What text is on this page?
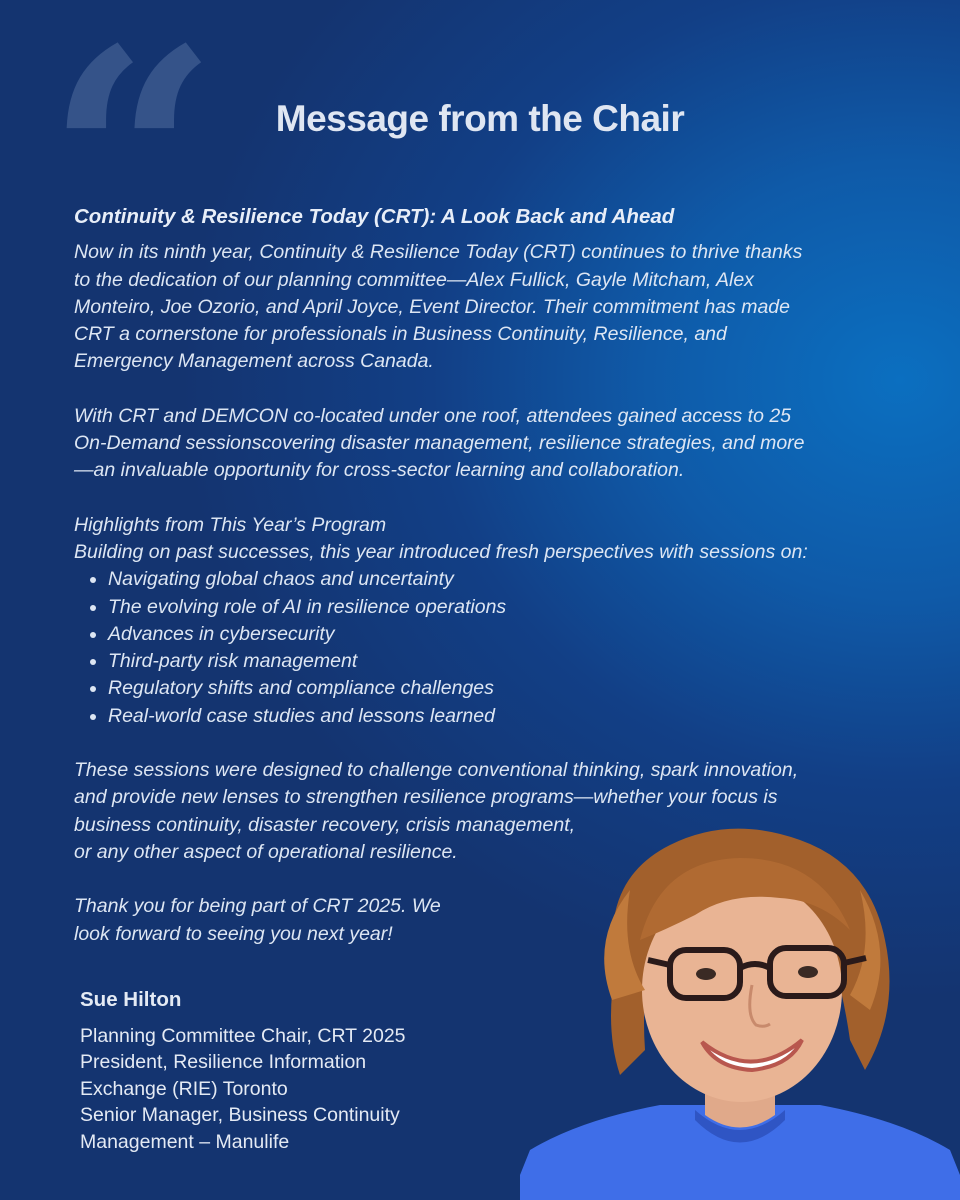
“	Message from the Chair
Continuity & Resilience Today (CRT): A Look Back and Ahead

Now in its ninth year, Continuity & Resilience Today (CRT) continues to thrive thanks

to the dedication of our planning committee—Alex Fullick, Gayle Mitcham, Alex

Monteiro, Joe Ozorio, and April Joyce, Event Director. Their commitment has made

CRT a cornerstone for professionals in Business Continuity, Resilience, and

Emergency Management across Canada.

With CRT and DEMCON co-located under one roof, attendees gained access to 25

On-Demand sessionscovering disaster management, resilience strategies, and more

—an invaluable opportunity for cross-sector learning and collaboration.

Highlights from This Year’s Program

Building on past successes, this year introduced fresh perspectives with sessions on:

• Navigating global chaos and uncertainty
• The evolving role of AI in resilience operations
• Advances in cybersecurity
• Third-party risk management
• Regulatory shifts and compliance challenges
• Real-world case studies and lessons learned

These sessions were designed to challenge conventional thinking, spark innovation,

and provide new lenses to strengthen resilience programs—whether your focus is

business continuity, disaster recovery, crisis management,

or any other aspect of operational resilience.

Thank you for being part of CRT 2025. We

look forward to seeing you next year!

Sue Hilton

Planning Committee Chair, CRT 2025

President, Resilience Information

Exchange (RIE) Toronto

Senior Manager, Business Continuity

Management – Manulife
